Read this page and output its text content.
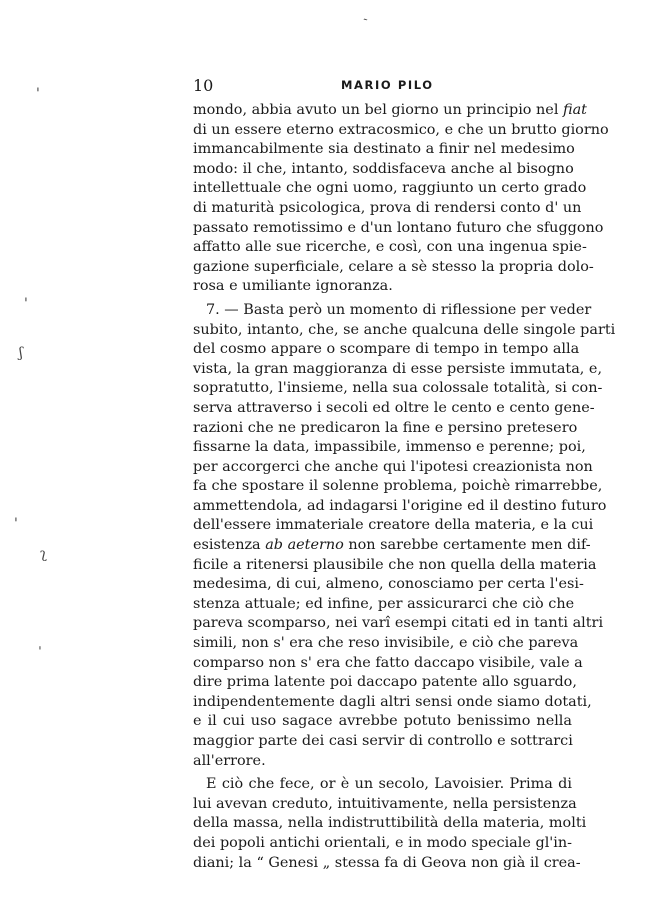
ˋ
'
'
ʃ
'
ʅ
ˌ
10	MARIO PILO
mondo, abbia avuto un bel giorno un principio nel fiat
di un essere eterno extracosmico, e che un brutto giorno
immancabilmente sia destinato a finir nel medesimo
modo: il che, intanto, soddisfaceva anche al bisogno
intellettuale che ogni uomo, raggiunto un certo grado
di maturità psicologica, prova di rendersi conto d' un
passato remotissimo e d'un lontano futuro che sfuggono
affatto alle sue ricerche, e così, con una ingenua spie-
gazione superficiale, celare a sè stesso la propria dolo-
rosa e umiliante ignoranza.
7. — Basta però un momento di riflessione per veder
subito, intanto, che, se anche qualcuna delle singole parti
del cosmo appare o scompare di tempo in tempo alla
vista, la gran maggioranza di esse persiste immutata, e,
sopratutto, l'insieme, nella sua colossale totalità, si con-
serva attraverso i secoli ed oltre le cento e cento gene-
razioni che ne predicaron la fine e persino pretesero
fissarne la data, impassibile, immenso e perenne; poi,
per accorgerci che anche qui l'ipotesi creazionista non
fa che spostare il solenne problema, poichè rimarrebbe,
ammettendola, ad indagarsi l'origine ed il destino futuro
dell'essere immateriale creatore della materia, e la cui
esistenza ab aeterno non sarebbe certamente men dif-
ficile a ritenersi plausibile che non quella della materia
medesima, di cui, almeno, conosciamo per certa l'esi-
stenza attuale; ed infine, per assicurarci che ciò che
pareva scomparso, nei varî esempi citati ed in tanti altri
simili, non s' era che reso invisibile, e ciò che pareva
comparso non s' era che fatto daccapo visibile, vale a
dire prima latente poi daccapo patente allo sguardo,
indipendentemente dagli altri sensi onde siamo dotati,
e il cui uso sagace avrebbe potuto benissimo nella
maggior parte dei casi servir di controllo e sottrarci
all'errore.
E ciò che fece, or è un secolo, Lavoisier. Prima di
lui avevan creduto, intuitivamente, nella persistenza
della massa, nella indistruttibilità della materia, molti
dei popoli antichi orientali, e in modo speciale gl'in-
diani; la “ Genesi „ stessa fa di Geova non già il crea-
